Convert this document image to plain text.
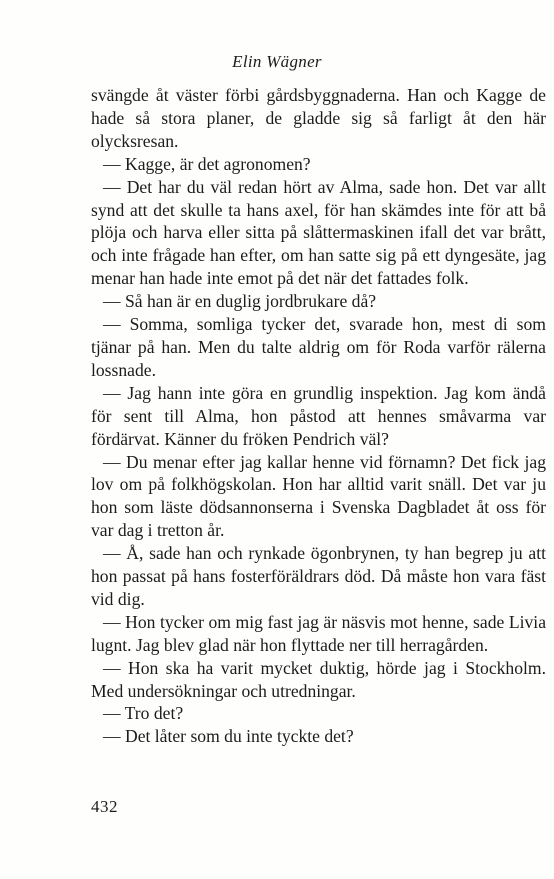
Elin Wägner

svängde åt väster förbi gårdsbyggnaderna. Han och Kagge de hade så stora planer, de gladde sig så farligt åt den här olycksresan.

— Kagge, är det agronomen?

— Det har du väl redan hört av Alma, sade hon. Det var allt synd att det skulle ta hans axel, för han skämdes inte för att bå plöja och harva eller sitta på slåttermaskinen ifall det var brått, och inte frågade han efter, om han satte sig på ett dyngesäte, jag menar han hade inte emot på det när det fattades folk.

— Så han är en duglig jordbrukare då?

— Somma, somliga tycker det, svarade hon, mest di som tjänar på han. Men du talte aldrig om för Roda varför rälerna lossnade.

— Jag hann inte göra en grundlig inspektion. Jag kom ändå för sent till Alma, hon påstod att hennes småvarma var fördärvat. Känner du fröken Pendrich väl?

— Du menar efter jag kallar henne vid förnamn? Det fick jag lov om på folkhögskolan. Hon har alltid varit snäll. Det var ju hon som läste dödsannonserna i Svenska Dagbladet åt oss för var dag i tretton år.

— Å, sade han och rynkade ögonbrynen, ty han begrep ju att hon passat på hans fosterföräldrars död. Då måste hon vara fäst vid dig.

— Hon tycker om mig fast jag är näsvis mot henne, sade Livia lugnt. Jag blev glad när hon flyttade ner till herragården.

— Hon ska ha varit mycket duktig, hörde jag i Stockholm. Med undersökningar och utredningar.

— Tro det?

— Det låter som du inte tyckte det?

432
